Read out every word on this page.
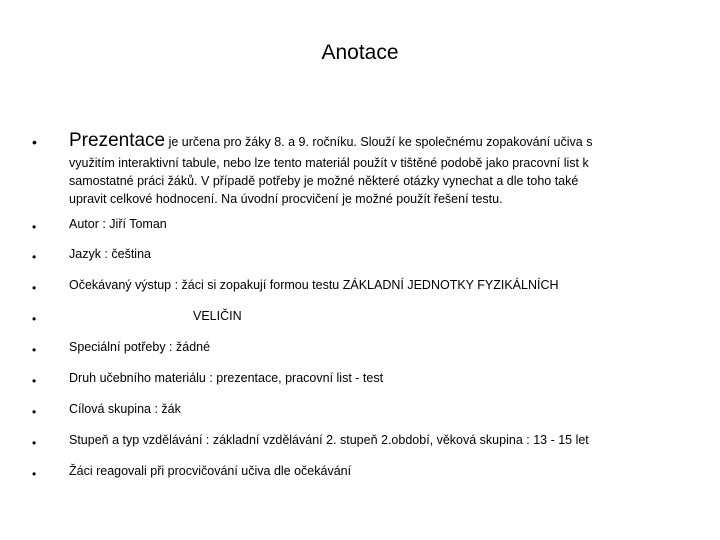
Anotace
• Prezentace je určena pro žáky 8. a 9. ročníku. Slouží ke společnému zopakování učiva s
využitím interaktivní tabule, nebo lze tento materiál použít v tištěné podobě jako pracovní list k
samostatné práci žáků. V případě potřeby je možné některé otázky vynechat a dle toho také
upravit celkové hodnocení. Na úvodní procvičení je možné použít řešení testu.
•	Autor : Jiří Toman
•	Jazyk : čeština
•	Očekávaný výstup : žáci si zopakují formou testu ZÁKLADNÍ JEDNOTKY FYZIKÁLNÍCH
•	VELIČIN
•	Speciální potřeby : žádné
•	Druh učebního materiálu : prezentace, pracovní list - test
•	Cílová skupina : žák
•	Stupeň a typ vzdělávání : základní vzdělávání 2. stupeň 2.období, věková skupina : 13 - 15 let
•	Žáci reagovali při procvičování učiva dle očekávání
